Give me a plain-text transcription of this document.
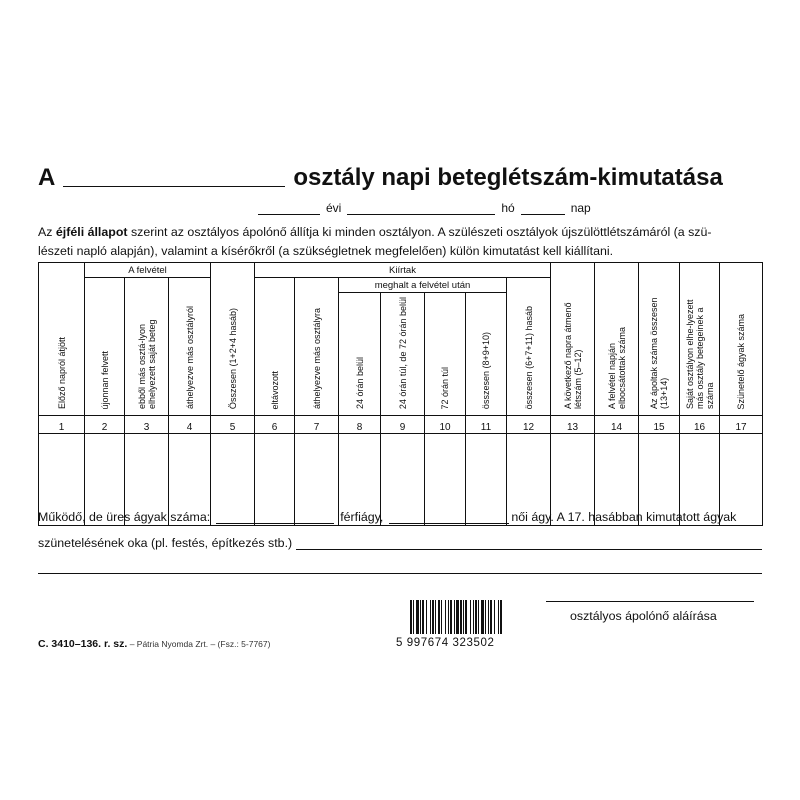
A	osztály napi beteglétszám-kimutatása
évi	hó	nap
Az éjféli állapot szerint az osztályos ápolónő állítja ki minden osztályon. A szülészeti osztályok újszülöttlétszámáról (a szü-
lészeti napló alapján), valamint a kísérőkről (a szükségletnek megfelelően) külön kimutatást kell kiállítani.
Előző napról átjött	A felvétel			Összesen (1+2+4 hasáb)	Kiírtak							A következő napra átmenő létszám (5–12)	A felvétel napján elbocsátottak száma	Az ápoltak száma összesen (13+14)	Saját osztályon elhe-lyezett más osztály betegeinek a száma	Szünetelő ágyak száma
	újonnan felvett	ebből más osztá-lyon elhelyezett saját beteg	áthelyezve más osztályról		eltávozott	áthelyezve más osztályra	meghalt a felvétel után				összesen (6+7+11) hasáb					
							24 órán belül	24 órán túl, de 72 órán belül	72 órán túl	összesen (8+9+10)						
1	2	3	4	5	6	7	8	9	10	11	12	13	14	15	16	17

Működő, de üres ágyak száma:	férfiágy,	női ágy. A 17. hasábban kimutatott ágyak
szünetelésének oka (pl. festés, építkezés stb.)
C. 3410–136. r. sz. – Pátria Nyomda Zrt. – (Fsz.: 5-7767)	5 997674 323502
osztályos ápolónő aláírása
